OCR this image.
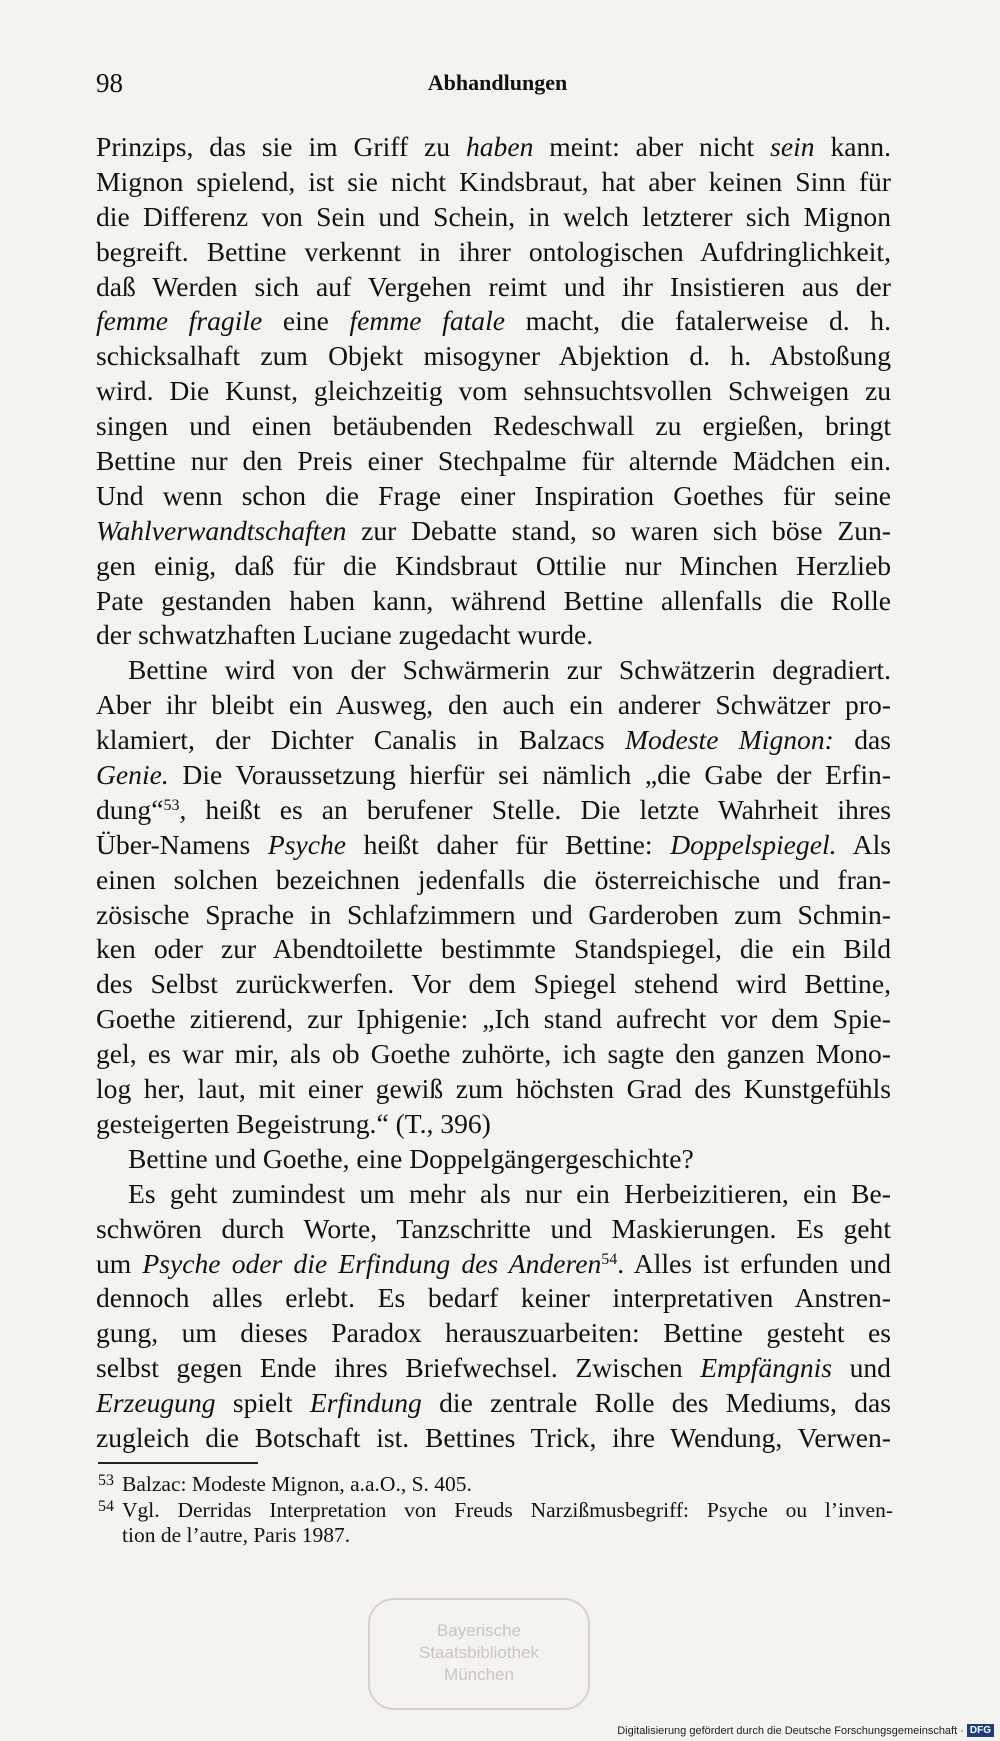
98	Abhandlungen
Prinzips, das sie im Griff zu haben meint: aber nicht sein kann.
Mignon spielend, ist sie nicht Kindsbraut, hat aber keinen Sinn für
die Differenz von Sein und Schein, in welch letzterer sich Mignon
begreift. Bettine verkennt in ihrer ontologischen Aufdringlichkeit,
daß Werden sich auf Vergehen reimt und ihr Insistieren aus der
femme fragile eine femme fatale macht, die fatalerweise d. h.
schicksalhaft zum Objekt misogyner Abjektion d. h. Abstoßung
wird. Die Kunst, gleichzeitig vom sehnsuchtsvollen Schweigen zu
singen und einen betäubenden Redeschwall zu ergießen, bringt
Bettine nur den Preis einer Stechpalme für alternde Mädchen ein.
Und wenn schon die Frage einer Inspiration Goethes für seine
Wahlverwandtschaften zur Debatte stand, so waren sich böse Zun-
gen einig, daß für die Kindsbraut Ottilie nur Minchen Herzlieb
Pate gestanden haben kann, während Bettine allenfalls die Rolle
der schwatzhaften Luciane zugedacht wurde.
Bettine wird von der Schwärmerin zur Schwätzerin degradiert.
Aber ihr bleibt ein Ausweg, den auch ein anderer Schwätzer pro-
klamiert, der Dichter Canalis in Balzacs Modeste Mignon: das
Genie. Die Voraussetzung hierfür sei nämlich „die Gabe der Erfin-
dung“$^{53}$, heißt es an berufener Stelle. Die letzte Wahrheit ihres
Über-Namens Psyche heißt daher für Bettine: Doppelspiegel. Als
einen solchen bezeichnen jedenfalls die österreichische und fran-
zösische Sprache in Schlafzimmern und Garderoben zum Schmin-
ken oder zur Abendtoilette bestimmte Standspiegel, die ein Bild
des Selbst zurückwerfen. Vor dem Spiegel stehend wird Bettine,
Goethe zitierend, zur Iphigenie: „Ich stand aufrecht vor dem Spie-
gel, es war mir, als ob Goethe zuhörte, ich sagte den ganzen Mono-
log her, laut, mit einer gewiß zum höchsten Grad des Kunstgefühls
gesteigerten Begeistrung.“ (T., 396)
Bettine und Goethe, eine Doppelgängergeschichte?
Es geht zumindest um mehr als nur ein Herbeizitieren, ein Be-
schwören durch Worte, Tanzschritte und Maskierungen. Es geht
um Psyche oder die Erfindung des Anderen$^{54}$. Alles ist erfunden und
dennoch alles erlebt. Es bedarf keiner interpretativen Anstren-
gung, um dieses Paradox herauszuarbeiten: Bettine gesteht es
selbst gegen Ende ihres Briefwechsel. Zwischen Empfängnis und
Erzeugung spielt Erfindung die zentrale Rolle des Mediums, das
zugleich die Botschaft ist. Bettines Trick, ihre Wendung, Verwen-
$^{53}$ Balzac: Modeste Mignon, a.a.O., S. 405.
$^{54}$ Vgl. Derridas Interpretation von Freuds Narzißmusbegriff: Psyche ou l’inven-
tion de l’autre, Paris 1987.
Bayerische
Staatsbibliothek
München
Digitalisierung gefördert durch die Deutsche Forschungsgemeinschaft · DFG
